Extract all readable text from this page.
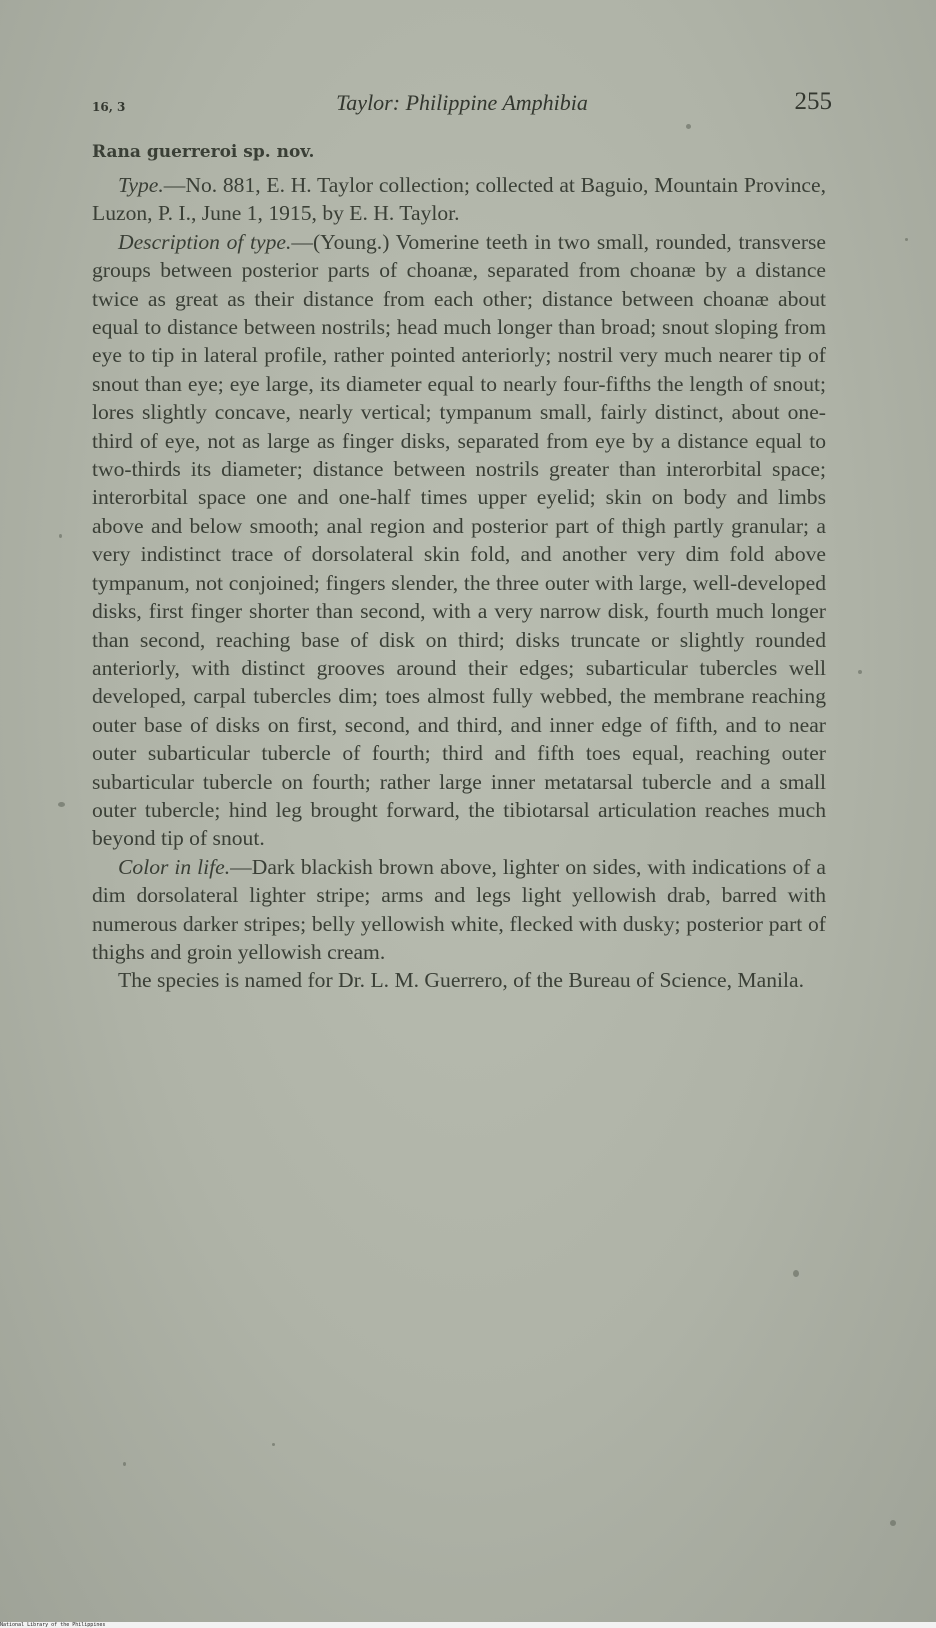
16, 3	Taylor: Philippine Amphibia	255

Rana guerreroi sp. nov.

Type.—No. 881, E. H. Taylor collection; collected at Baguio, Mountain Province, Luzon, P. I., June 1, 1915, by E. H. Taylor.

Description of type.—(Young.) Vomerine teeth in two small, rounded, transverse groups between posterior parts of choanæ, separated from choanæ by a distance twice as great as their distance from each other; distance between choanæ about equal to distance between nostrils; head much longer than broad; snout sloping from eye to tip in lateral profile, rather pointed anteriorly; nostril very much nearer tip of snout than eye; eye large, its diameter equal to nearly four-fifths the length of snout; lores slightly concave, nearly vertical; tympanum small, fairly distinct, about one-third of eye, not as large as finger disks, separated from eye by a distance equal to two-thirds its diameter; distance between nostrils greater than interorbital space; interorbital space one and one-half times upper eyelid; skin on body and limbs above and below smooth; anal region and posterior part of thigh partly granular; a very indistinct trace of dorsolateral skin fold, and another very dim fold above tympanum, not conjoined; fingers slender, the three outer with large, well-developed disks, first finger shorter than second, with a very narrow disk, fourth much longer than second, reaching base of disk on third; disks truncate or slightly rounded anteriorly, with distinct grooves around their edges; subarticular tubercles well developed, carpal tubercles dim; toes almost fully webbed, the membrane reaching outer base of disks on first, second, and third, and inner edge of fifth, and to near outer subarticular tubercle of fourth; third and fifth toes equal, reaching outer subarticular tubercle on fourth; rather large inner metatarsal tubercle and a small outer tubercle; hind leg brought forward, the tibiotarsal articulation reaches much beyond tip of snout.

Color in life.—Dark blackish brown above, lighter on sides, with indications of a dim dorsolateral lighter stripe; arms and legs light yellowish drab, barred with numerous darker stripes; belly yellowish white, flecked with dusky; posterior part of thighs and groin yellowish cream.

The species is named for Dr. L. M. Guerrero, of the Bureau of Science, Manila.

National Library of the Philippines
